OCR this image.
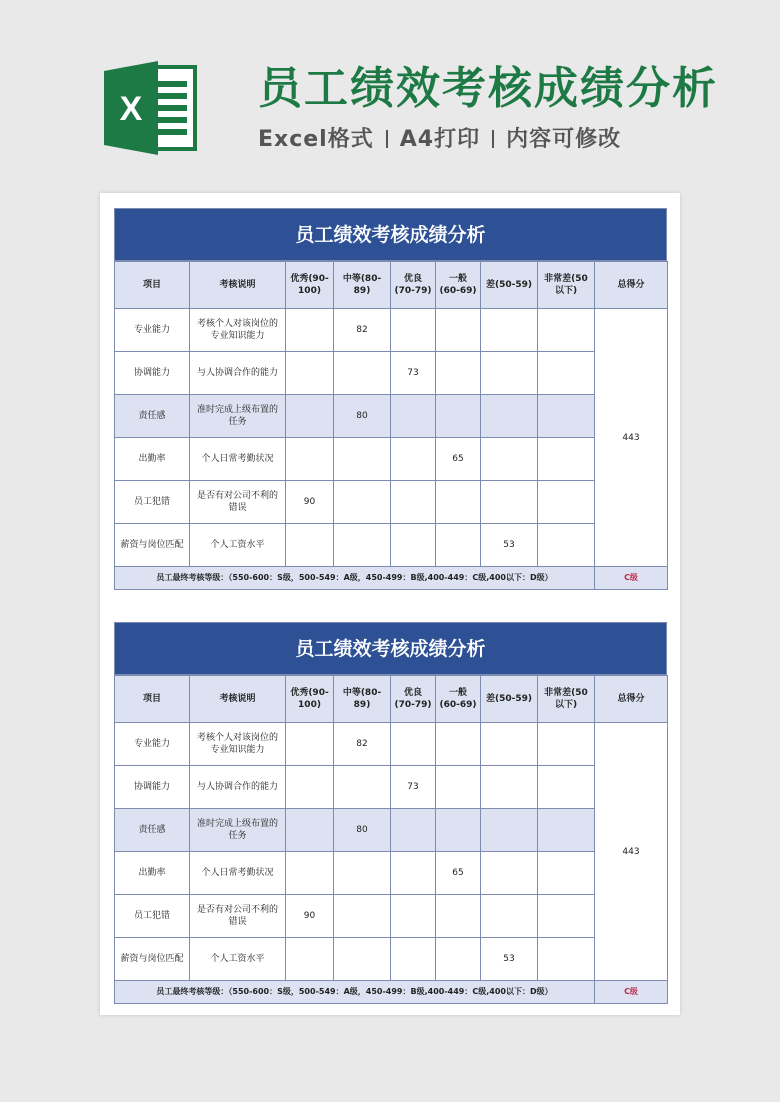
X	员工绩效考核成绩分析
Excel格式 A4打印 内容可修改
员工绩效考核成绩分析
项目	考核说明	优秀(90-100)	中等(80-89)	优良(70-79)	一般(60-69)	差(50-59)	非常差(50以下)	总得分
专业能力	考核个人对该岗位的专业知识能力		82					443
协调能力	与人协调合作的能力			73				
责任感	准时完成上级布置的任务		80					
出勤率	个人日常考勤状况				65			
员工犯错	是否有对公司不利的错误	90						
薪资与岗位匹配	个人工资水平					53		
员工最终考核等级：（550-600：S级，500-549：A级，450-499：B级,400-449：C级,400以下：D级）								C级
员工绩效考核成绩分析
项目	考核说明	优秀(90-100)	中等(80-89)	优良(70-79)	一般(60-69)	差(50-59)	非常差(50以下)	总得分
专业能力	考核个人对该岗位的专业知识能力		82					443
协调能力	与人协调合作的能力			73				
责任感	准时完成上级布置的任务		80					
出勤率	个人日常考勤状况				65			
员工犯错	是否有对公司不利的错误	90						
薪资与岗位匹配	个人工资水平					53		
员工最终考核等级：（550-600：S级，500-549：A级，450-499：B级,400-449：C级,400以下：D级）								C级
